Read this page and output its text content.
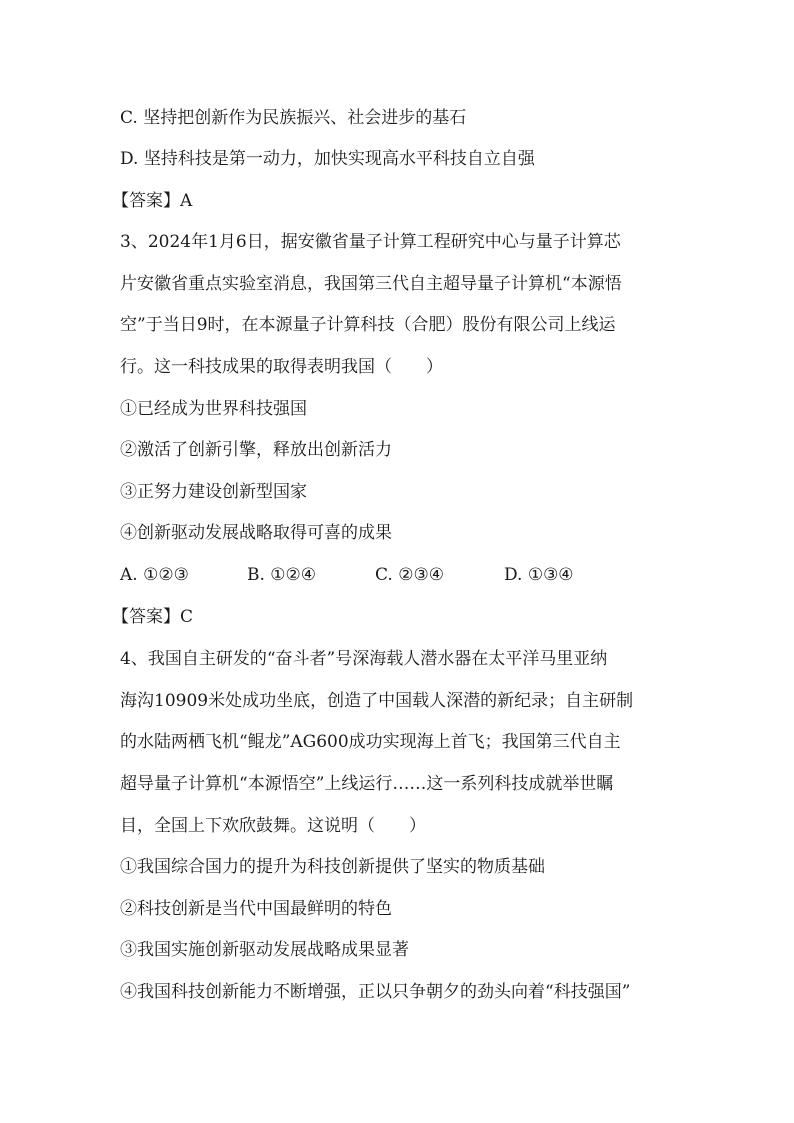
C. 坚持把创新作为民族振兴、社会进步的基石
D. 坚持科技是第一动力，加快实现高水平科技自立自强
【答案】A
3、2024年1月6日，据安徽省量子计算工程研究中心与量子计算芯
片安徽省重点实验室消息，我国第三代自主超导量子计算机“本源悟
空”于当日9时，在本源量子计算科技（合肥）股份有限公司上线运
行。这一科技成果的取得表明我国（　　）
①已经成为世界科技强国
②激活了创新引擎，释放出创新活力
③正努力建设创新型国家
④创新驱动发展战略取得可喜的成果
A. ①②③	B. ①②④	C. ②③④	D. ①③④
【答案】C
4、我国自主研发的“奋斗者”号深海载人潜水器在太平洋马里亚纳
海沟10909米处成功坐底，创造了中国载人深潜的新纪录；自主研制
的水陆两栖飞机“鲲龙”AG600成功实现海上首飞；我国第三代自主
超导量子计算机“本源悟空”上线运行……这一系列科技成就举世瞩
目，全国上下欢欣鼓舞。这说明（　　）
①我国综合国力的提升为科技创新提供了坚实的物质基础
②科技创新是当代中国最鲜明的特色
③我国实施创新驱动发展战略成果显著
④我国科技创新能力不断增强，正以只争朝夕的劲头向着“科技强国”
